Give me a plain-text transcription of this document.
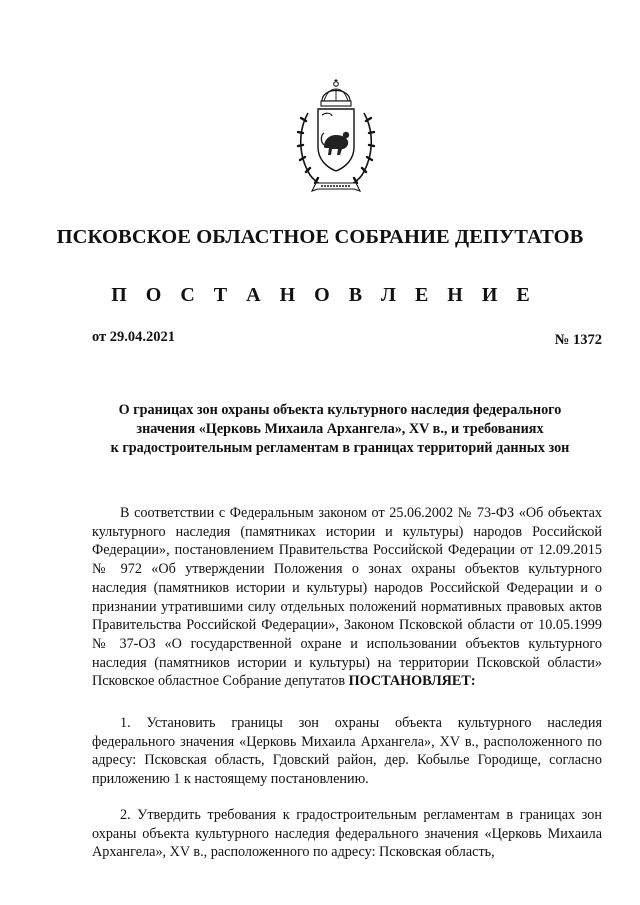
ПСКОВСКОЕ ОБЛАСТНОЕ СОБРАНИЕ ДЕПУТАТОВ
П О С Т А Н О В Л Е Н И Е
от 29.04.2021	№ 1372
О границах зон охраны объекта культурного наследия федерального
значения «Церковь Михаила Архангела», XV в., и требованиях
к градостроительным регламентам в границах территорий данных зон
В соответствии с Федеральным законом от 25.06.2002 № 73-ФЗ «Об объектах культурного наследия (памятниках истории и культуры) народов Российской Федерации», постановлением Правительства Российской Федерации от 12.09.2015 № 972 «Об утверждении Положения о зонах охраны объектов культурного наследия (памятников истории и культуры) народов Российской Федерации и о признании утратившими силу отдельных положений нормативных правовых актов Правительства Российской Федерации», Законом Псковской области от 10.05.1999 № 37-ОЗ «О государственной охране и использовании объектов культурного наследия (памятников истории и культуры) на территории Псковской области» Псковское областное Собрание депутатов ПОСТАНОВЛЯЕТ:
1. Установить границы зон охраны объекта культурного наследия федерального значения «Церковь Михаила Архангела», XV в., расположенного по адресу: Псковская область, Гдовский район, дер. Кобылье Городище, согласно приложению 1 к настоящему постановлению.
2. Утвердить требования к градостроительным регламентам в границах зон охраны объекта культурного наследия федерального значения «Церковь Михаила Архангела», XV в., расположенного по адресу: Псковская область,
